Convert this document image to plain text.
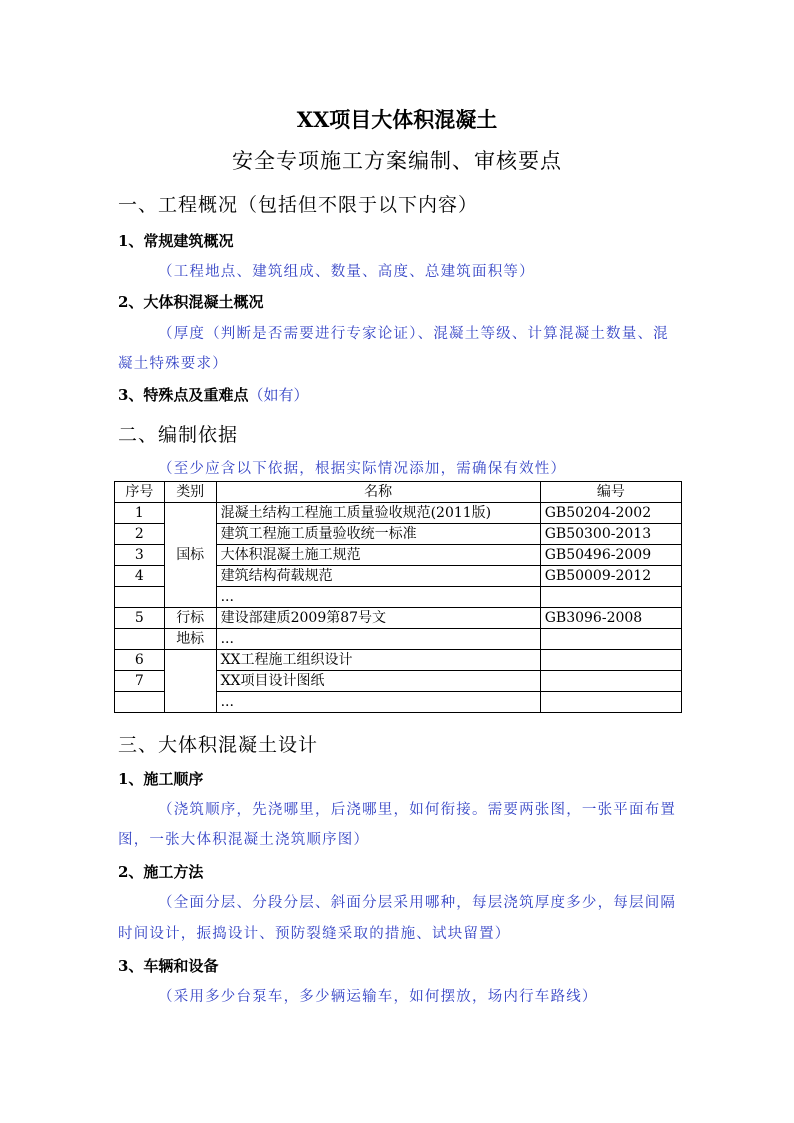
XX项目大体积混凝土
安全专项施工方案编制、审核要点
一、工程概况（包括但不限于以下内容）
1、常规建筑概况
（工程地点、建筑组成、数量、高度、总建筑面积等）
2、大体积混凝土概况
（厚度（判断是否需要进行专家论证）、混凝土等级、计算混凝土数量、混
凝土特殊要求）
3、特殊点及重难点（如有）
二、编制依据
（至少应含以下依据，根据实际情况添加，需确保有效性）
序号	类别	名称	编号
1	国标	混凝土结构工程施工质量验收规范(2011版)	GB50204-2002
2		建筑工程施工质量验收统一标准	GB50300-2013
3		大体积混凝土施工规范	GB50496-2009
4		建筑结构荷载规范	GB50009-2012
		...	
5	行标	建设部建质2009第87号文	GB3096-2008
	地标	...	
6		XX工程施工组织设计	
7		XX项目设计图纸	
		...	
三、大体积混凝土设计
1、施工顺序
（浇筑顺序，先浇哪里，后浇哪里，如何衔接。需要两张图，一张平面布置
图，一张大体积混凝土浇筑顺序图）
2、施工方法
（全面分层、分段分层、斜面分层采用哪种，每层浇筑厚度多少，每层间隔
时间设计，振捣设计、预防裂缝采取的措施、试块留置）
3、车辆和设备
（采用多少台泵车，多少辆运输车，如何摆放，场内行车路线）
